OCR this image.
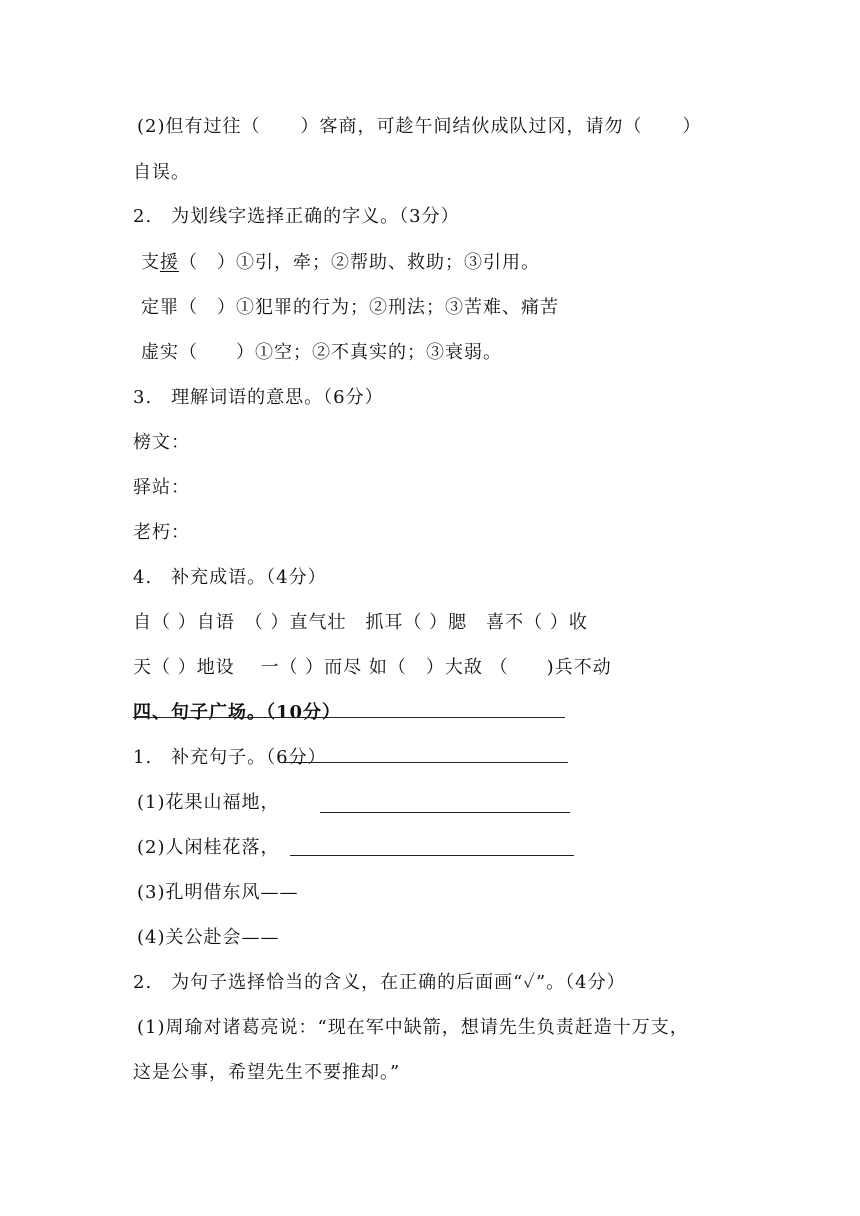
(2)但有过往（ ）客商，可趁午间结伙成队过冈，请勿（ ）
自误。
2.　为划线字选择正确的字义。（3分）
支援（　）①引，牵；②帮助、救助；③引用。
定罪（　）①犯罪的行为；②刑法；③苦难、痛苦
虚实（　　）①空；②不真实的；③衰弱。
3.　理解词语的意思。（6分）
榜文：
驿站：
老朽：
4.　补充成语。（4分）
自（ ）自语　（ ）直气壮　抓耳（ ）腮　喜不（ ）收
天（ ）地设　 一（ ）而尽 如（　）大敌 （　　)兵不动
四、句子广场。（10分）
1.　补充句子。（6分）
(1)花果山福地，
(2)人闲桂花落，
(3)孔明借东风——
(4)关公赴会——
2.　为句子选择恰当的含义，在正确的后面画“✓”。（4分）
(1)周瑜对诸葛亮说：“现在军中缺箭，想请先生负责赶造十万支，
这是公事，希望先生不要推却。”
